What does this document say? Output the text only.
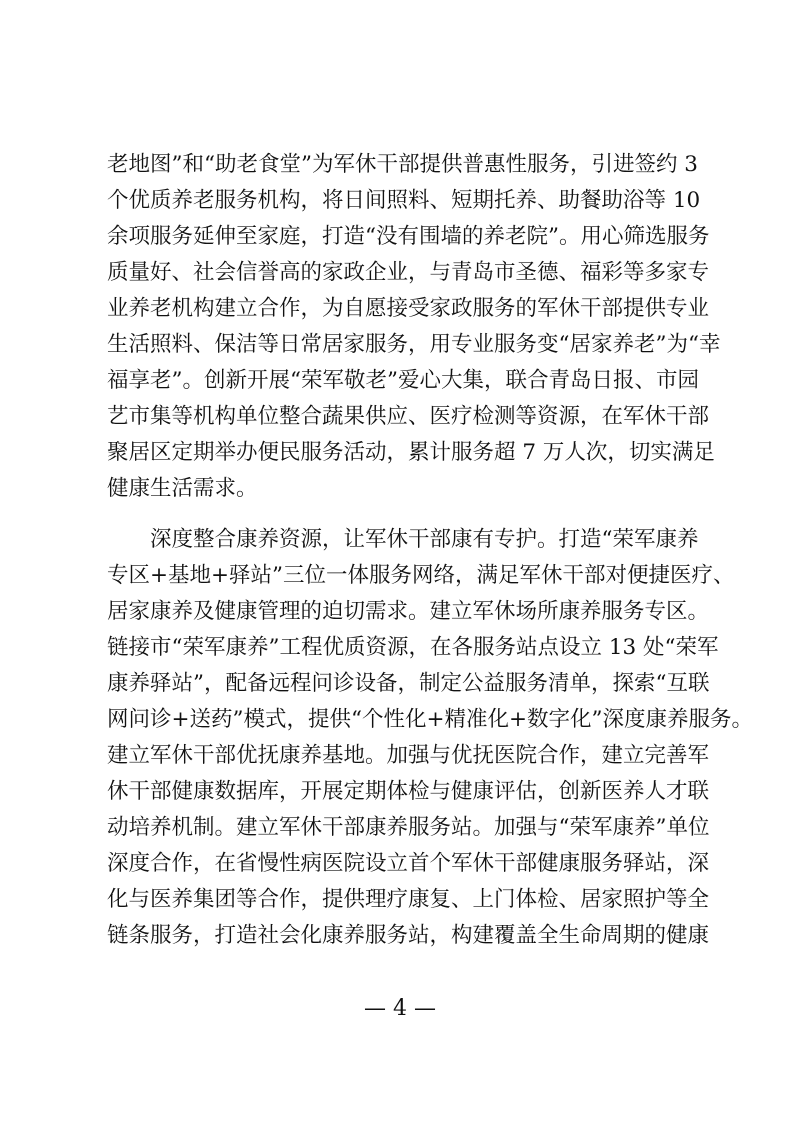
老地图”和“助老食堂”为军休干部提供普惠性服务，引进签约 3
个优质养老服务机构，将日间照料、短期托养、助餐助浴等 10
余项服务延伸至家庭，打造“没有围墙的养老院”。用心筛选服务
质量好、社会信誉高的家政企业，与青岛市圣德、福彩等多家专
业养老机构建立合作，为自愿接受家政服务的军休干部提供专业
生活照料、保洁等日常居家服务，用专业服务变“居家养老”为“幸
福享老”。创新开展“荣军敬老”爱心大集，联合青岛日报、市园
艺市集等机构单位整合蔬果供应、医疗检测等资源，在军休干部
聚居区定期举办便民服务活动，累计服务超 7 万人次，切实满足
健康生活需求。
　　深度整合康养资源，让军休干部康有专护。打造“荣军康养
专区+基地+驿站”三位一体服务网络，满足军休干部对便捷医疗、
居家康养及健康管理的迫切需求。建立军休场所康养服务专区。
链接市“荣军康养”工程优质资源，在各服务站点设立 13 处“荣军
康养驿站”，配备远程问诊设备，制定公益服务清单，探索“互联
网问诊+送药”模式，提供“个性化+精准化+数字化”深度康养服务。
建立军休干部优抚康养基地。加强与优抚医院合作，建立完善军
休干部健康数据库，开展定期体检与健康评估，创新医养人才联
动培养机制。建立军休干部康养服务站。加强与“荣军康养”单位
深度合作，在省慢性病医院设立首个军休干部健康服务驿站，深
化与医养集团等合作，提供理疗康复、上门体检、居家照护等全
链条服务，打造社会化康养服务站，构建覆盖全生命周期的健康
— 4 —
